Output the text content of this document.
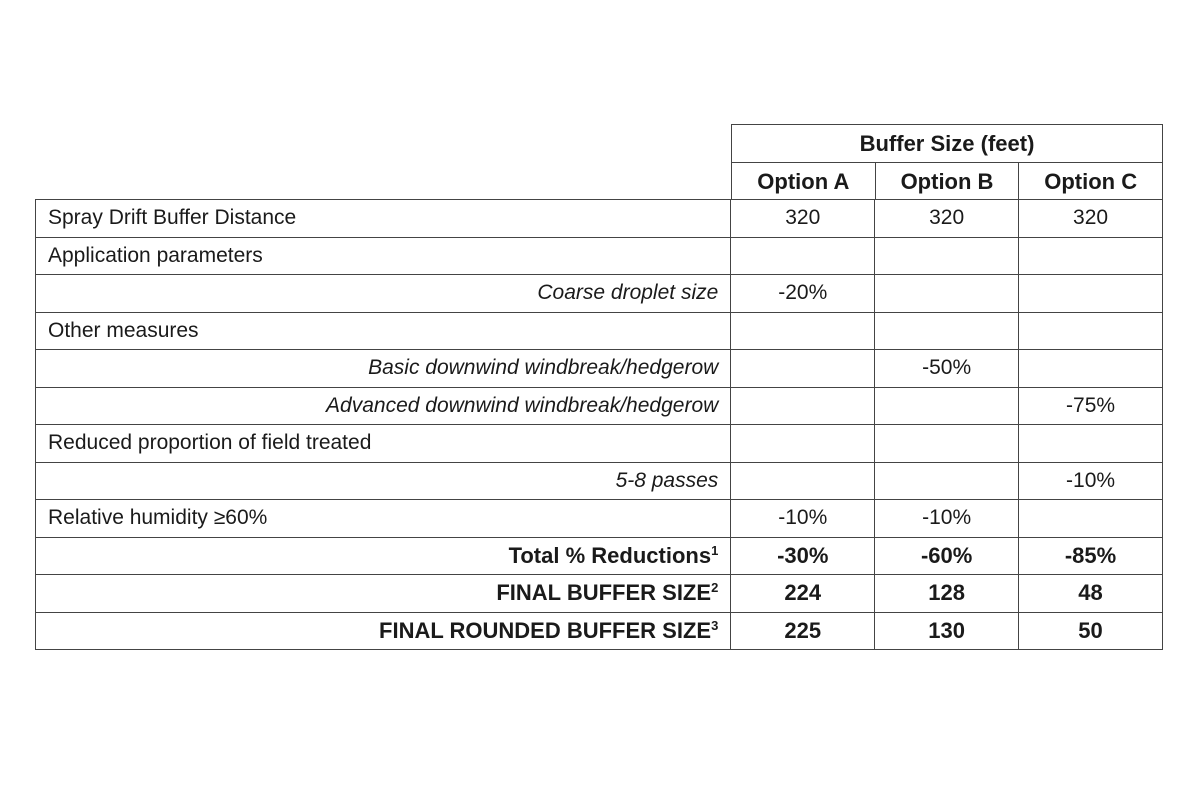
Buffer Size (feet)
Option A	Option B	Option C
Spray Drift Buffer Distance	320	320	320
Application parameters			
Coarse droplet size	-20%		
Other measures			
Basic downwind windbreak/hedgerow		-50%	
Advanced downwind windbreak/hedgerow			-75%
Reduced proportion of field treated			
5-8 passes			-10%
Relative humidity ≥60%	-10%	-10%	
Total % Reductions$^1$	-30%	-60%	-85%
FINAL BUFFER SIZE$^2$	224	128	48
FINAL ROUNDED BUFFER SIZE$^3$	225	130	50
